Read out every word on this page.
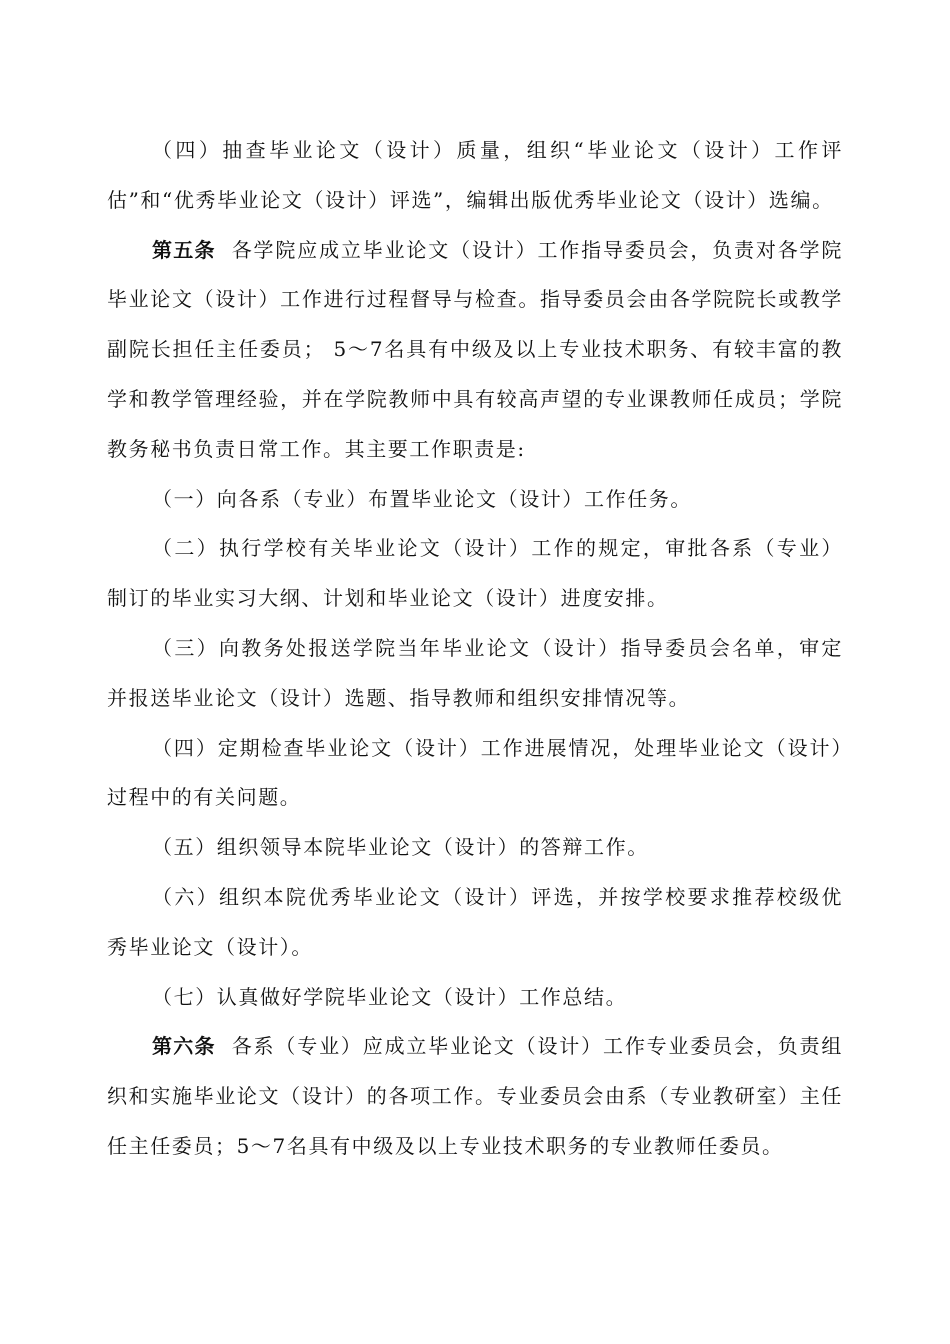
（四）抽查毕业论文（设计）质量，组织“毕业论文（设计）工作评估”和“优秀毕业论文（设计）评选”，编辑出版优秀毕业论文（设计）选编。

第五条 各学院应成立毕业论文（设计）工作指导委员会，负责对各学院毕业论文（设计）工作进行过程督导与检查。指导委员会由各学院院长或教学副院长担任主任委员； 5～7名具有中级及以上专业技术职务、有较丰富的教学和教学管理经验，并在学院教师中具有较高声望的专业课教师任成员；学院教务秘书负责日常工作。其主要工作职责是:

（一）向各系（专业）布置毕业论文（设计）工作任务。

（二）执行学校有关毕业论文（设计）工作的规定，审批各系（专业）制订的毕业实习大纲、计划和毕业论文（设计）进度安排。

（三）向教务处报送学院当年毕业论文（设计）指导委员会名单，审定并报送毕业论文（设计）选题、指导教师和组织安排情况等。

（四）定期检查毕业论文（设计）工作进展情况，处理毕业论文（设计）过程中的有关问题。

（五）组织领导本院毕业论文（设计）的答辩工作。

（六）组织本院优秀毕业论文（设计）评选，并按学校要求推荐校级优秀毕业论文（设计）。

（七）认真做好学院毕业论文（设计）工作总结。

第六条 各系（专业）应成立毕业论文（设计）工作专业委员会，负责组织和实施毕业论文（设计）的各项工作。专业委员会由系（专业教研室）主任任主任委员；5～7名具有中级及以上专业技术职务的专业教师任委员。
